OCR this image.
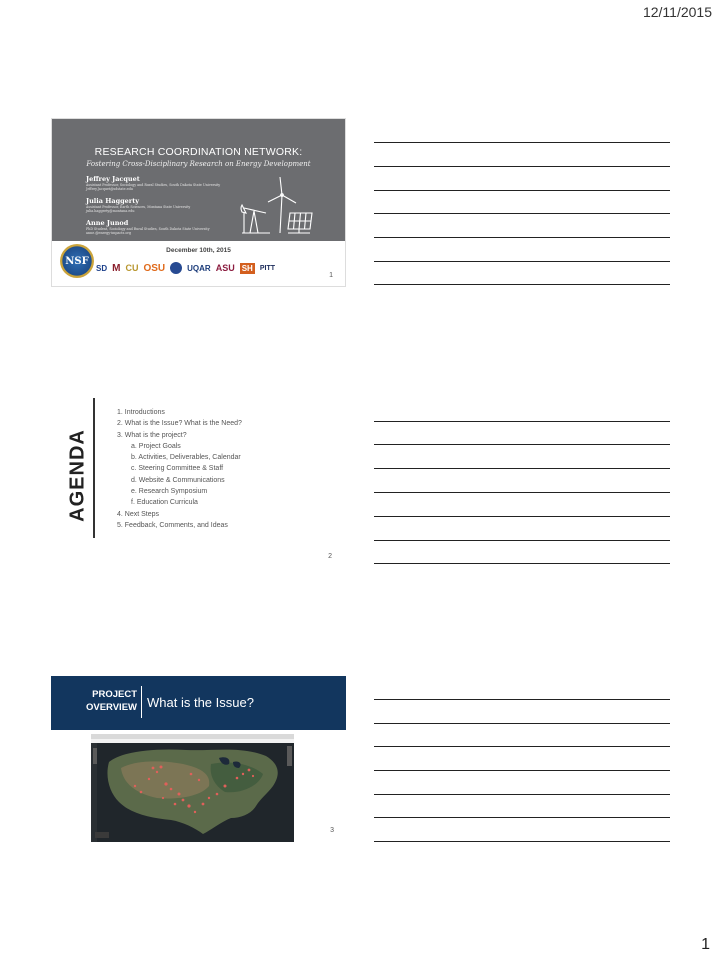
12/11/2015
1
RESEARCH COORDINATION NETWORK:
Fostering Cross-Disciplinary Research on Energy Development
Jeffrey Jacquet
Assistant Professor, Sociology and Rural Studies, South Dakota State University
Jeffrey.Jacquet@sdstate.edu
Julia Haggerty
Assistant Professor, Earth Sciences, Montana State University
julia.haggerty@montana.edu
Anne Junod
PhD Student, Sociology and Rural Studies, South Dakota State University
anne.@energy-impacts.org
December 10th, 2015
NSF
SD M CU OSU	UQAR ASU SH PITT
1
AGENDA
1. Introductions
2. What is the Issue? What is the Need?
3. What is the project?
a. Project Goals
b. Activities, Deliverables, Calendar
c. Steering Committee & Staff
d. Website & Communications
e. Research Symposium
f. Education Curricula
4. Next Steps
5. Feedback, Comments, and Ideas
2
PROJECT
OVERVIEW What is the Issue?
3
